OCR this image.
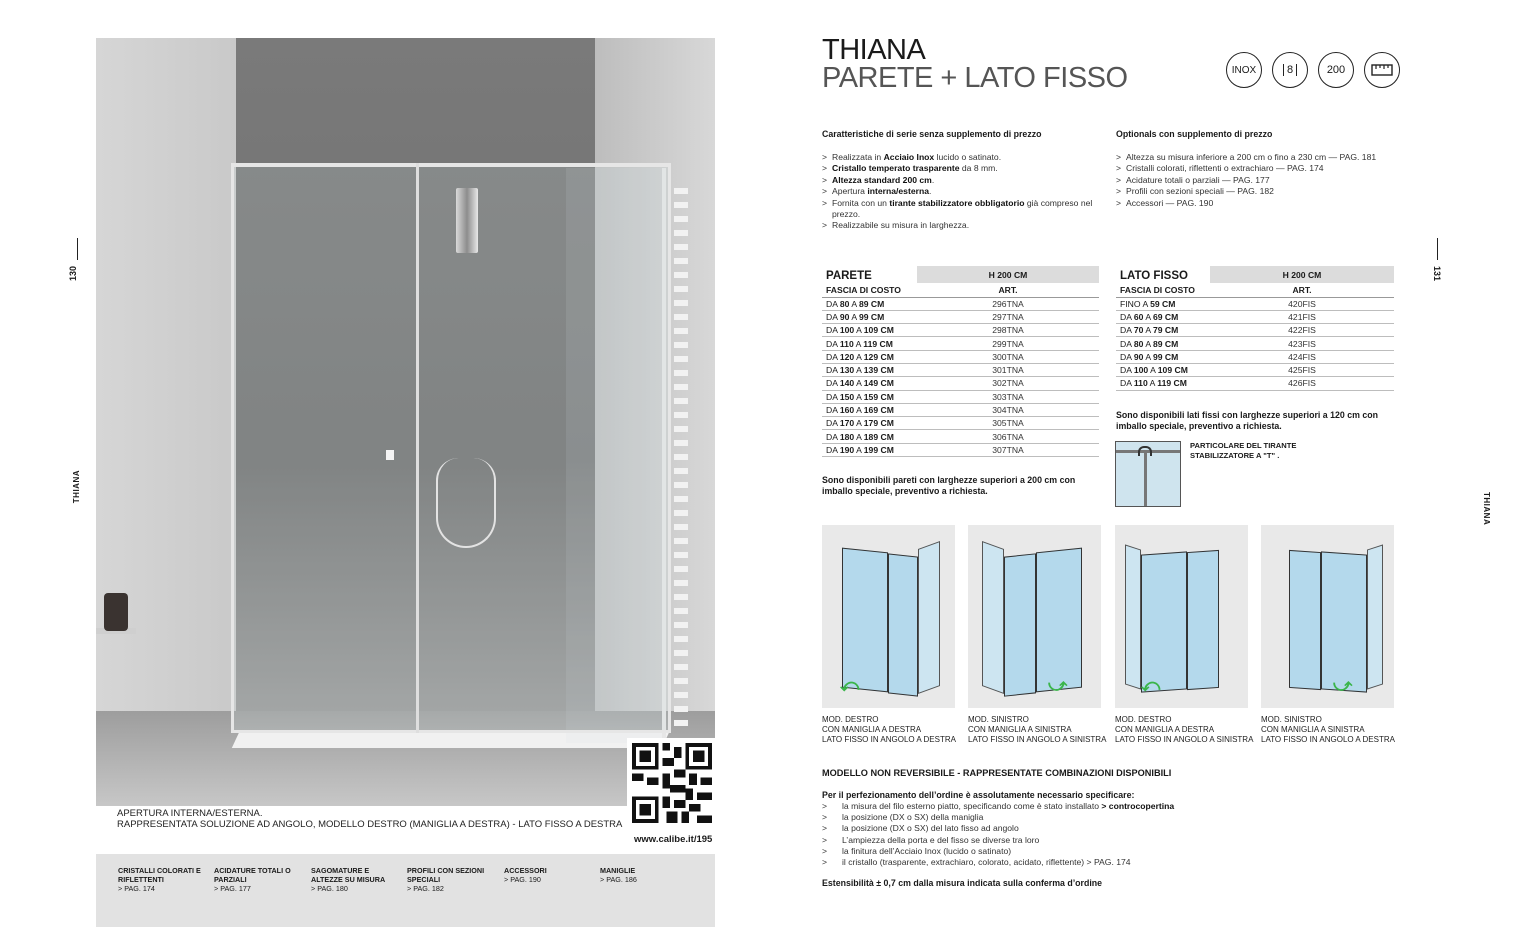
130
THIANA
APERTURA INTERNA/ESTERNA.
RAPPRESENTATA SOLUZIONE AD ANGOLO, MODELLO DESTRO (MANIGLIA A DESTRA) - LATO FISSO A DESTRA
www.calibe.it/195
CRISTALLI COLORATI E RIFLETTENTI
> PAG. 174
ACIDATURE TOTALI O PARZIALI
> PAG. 177
SAGOMATURE E ALTEZZE SU MISURA
> PAG. 180
PROFILI CON SEZIONI SPECIALI
> PAG. 182
ACCESSORI
> PAG. 190
MANIGLIE
> PAG. 186
THIANA
PARETE + LATO FISSO	INOX	8	200
Caratteristiche di serie senza supplemento di prezzo
> Realizzata in Acciaio Inox lucido o satinato.
> Cristallo temperato trasparente da 8 mm.
> Altezza standard 200 cm.
> Apertura interna/esterna.
> Fornita con un tirante stabilizzatore obbligatorio già compreso nel prezzo.
> Realizzabile su misura in larghezza.
Optionals con supplemento di prezzo
> Altezza su misura inferiore a 200 cm o fino a 230 cm — PAG. 181
> Cristalli colorati, riflettenti o extrachiaro — PAG. 174
> Acidature totali o parziali — PAG. 177
> Profili con sezioni speciali — PAG. 182
> Accessori — PAG. 190
PARETE	H 200 CM
FASCIA DI COSTO	ART.
DA 80 A 89 CM	296TNA
DA 90 A 99 CM	297TNA
DA 100 A 109 CM	298TNA
DA 110 A 119 CM	299TNA
DA 120 A 129 CM	300TNA
DA 130 A 139 CM	301TNA
DA 140 A 149 CM	302TNA
DA 150 A 159 CM	303TNA
DA 160 A 169 CM	304TNA
DA 170 A 179 CM	305TNA
DA 180 A 189 CM	306TNA
DA 190 A 199 CM	307TNA
Sono disponibili pareti con larghezze superiori a 200 cm con imballo speciale, preventivo a richiesta.
LATO FISSO	H 200 CM
FASCIA DI COSTO	ART.
FINO A 59 CM	420FIS
DA 60 A 69 CM	421FIS
DA 70 A 79 CM	422FIS
DA 80 A 89 CM	423FIS
DA 90 A 99 CM	424FIS
DA 100 A 109 CM	425FIS
DA 110 A 119 CM	426FIS
Sono disponibili lati fissi con larghezze superiori a 120 cm con imballo speciale, preventivo a richiesta.
PARTICOLARE DEL TIRANTE
STABILIZZATORE A "T" .
⤺	⤻	⤺	⤻
MOD. DESTRO
CON MANIGLIA A DESTRA
LATO FISSO IN ANGOLO A DESTRA
MOD. SINISTRO
CON MANIGLIA A SINISTRA
LATO FISSO IN ANGOLO A SINISTRA
MOD. DESTRO
CON MANIGLIA A DESTRA
LATO FISSO IN ANGOLO A SINISTRA
MOD. SINISTRO
CON MANIGLIA A SINISTRA
LATO FISSO IN ANGOLO A DESTRA
MODELLO NON REVERSIBILE - RAPPRESENTATE COMBINAZIONI DISPONIBILI
Per il perfezionamento dell’ordine è assolutamente necessario specificare:
> la misura del filo esterno piatto, specificando come è stato installato > controcopertina
> la posizione (DX o SX) della maniglia
> la posizione (DX o SX) del lato fisso ad angolo
> L’ampiezza della porta e del fisso se diverse tra loro
> la finitura dell’Acciaio Inox (lucido o satinato)
> il cristallo (trasparente, extrachiaro, colorato, acidato, riflettente) > PAG. 174
Estensibilità ± 0,7 cm dalla misura indicata sulla conferma d’ordine
131
THIANA
